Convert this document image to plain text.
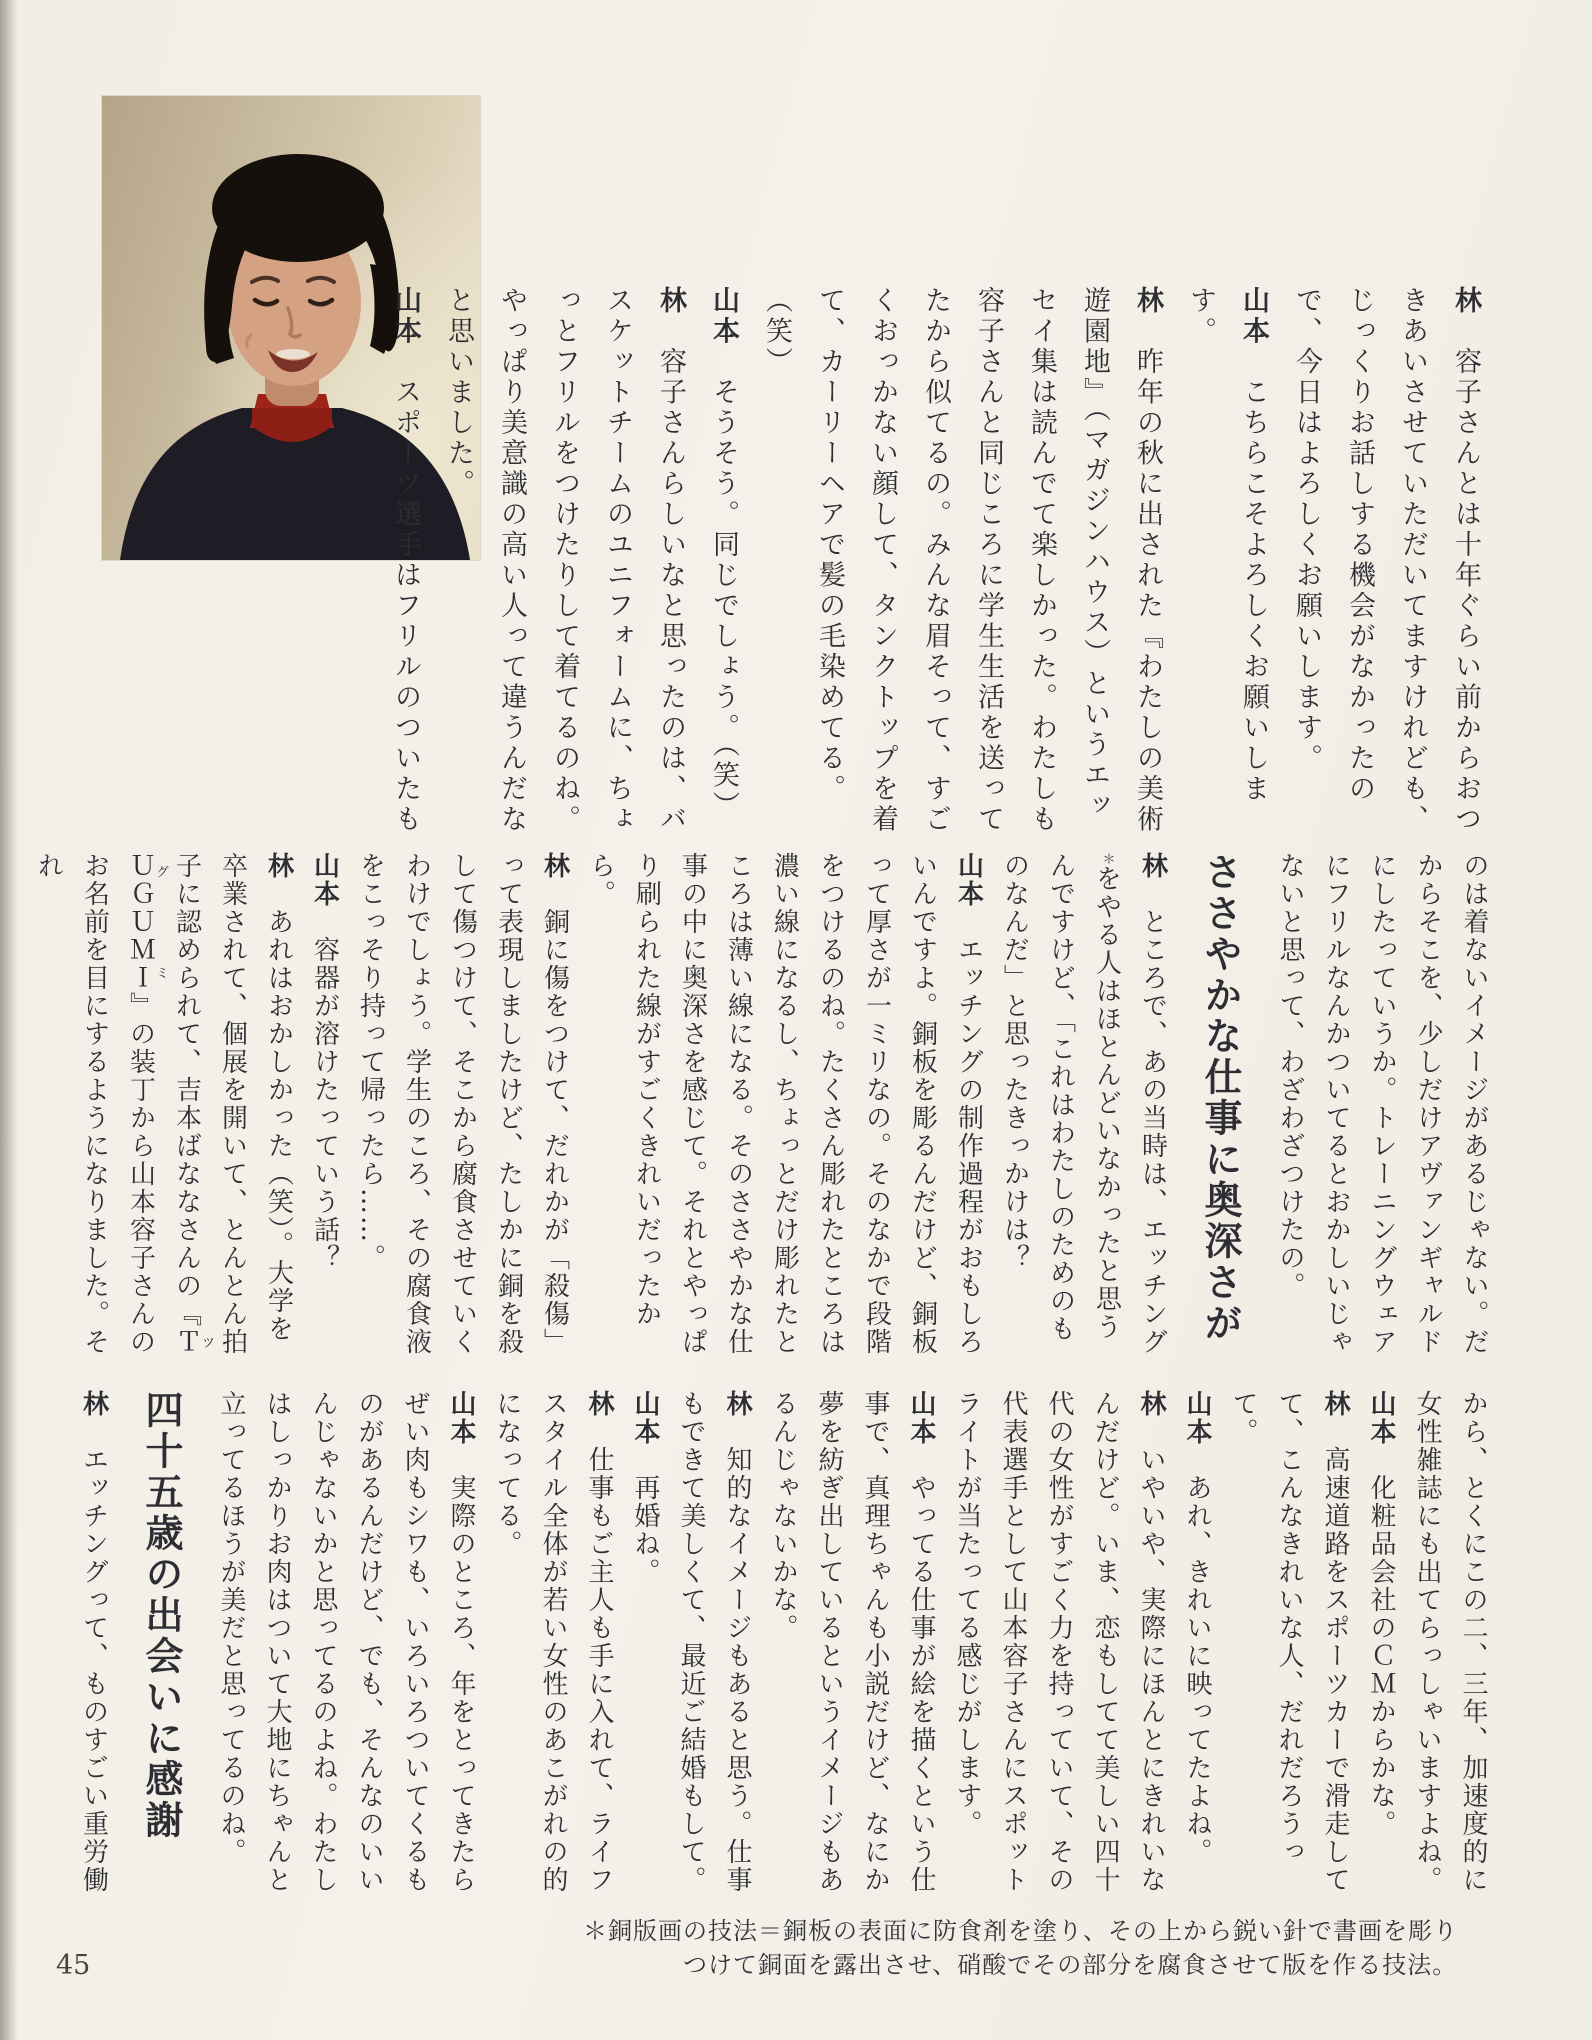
林　容子さんとは十年ぐらい前からおつきあいさせていただいてますけれども、じっくりお話しする機会がなかったので、今日はよろしくお願いします。

山本　こちらこそよろしくお願いします。

林　昨年の秋に出された『わたしの美術遊園地』（マガジンハウス）というエッセイ集は読んでて楽しかった。わたしも容子さんと同じころに学生生活を送ってたから似てるの。みんな眉そって、すごくおっかない顔して、タンクトップを着て、カーリーヘアで髪の毛染めてる。（笑）

山本　そうそう。同じでしょう。（笑）

林　容子さんらしいなと思ったのは、バスケットチームのユニフォームに、ちょっとフリルをつけたりして着てるのね。やっぱり美意識の高い人って違うんだなと思いました。

山本　スポーツ選手はフリルのついたも

のは着ないイメージがあるじゃない。だからそこを、少しだけアヴァンギャルドにしたっていうか。トレーニングウェアにフリルなんかついてるとおかしいじゃないと思って、わざわざつけたの。

ささやかな仕事に奥深さが

林　ところで、あの当時は、エッチング＊をやる人はほとんどいなかったと思うんですけど、「これはわたしのためのものなんだ」と思ったきっかけは？

山本　エッチングの制作過程がおもしろいんですよ。銅板を彫るんだけど、銅板って厚さが一ミリなの。そのなかで段階をつけるのね。たくさん彫れたところは濃い線になるし、ちょっとだけ彫れたところは薄い線になる。そのささやかな仕事の中に奥深さを感じて。それとやっぱり刷られた線がすごくきれいだったから。

林　銅に傷をつけて、だれかが「殺傷」って表現しましたけど、たしかに銅を殺して傷つけて、そこから腐食させていくわけでしょう。学生のころ、その腐食液をこっそり持って帰ったら……。

山本　容器が溶けたっていう話？

林　あれはおかしかった（笑）。大学を卒業されて、個展を開いて、とんとん拍子に認められて、吉本ばななさんの『ＴＵＧＵＭＩツグミ』の装丁から山本容子さんのお名前を目にするようになりました。それ

から、とくにこの二、三年、加速度的に女性雑誌にも出てらっしゃいますよね。

山本　化粧品会社のＣＭからかな。

林　高速道路をスポーツカーで滑走してて、こんなきれいな人、だれだろうって。

山本　あれ、きれいに映ってたよね。

林　いやいや、実際にほんとにきれいなんだけど。いま、恋もしてて美しい四十代の女性がすごく力を持っていて、その代表選手として山本容子さんにスポットライトが当たってる感じがします。

山本　やってる仕事が絵を描くという仕事で、真理ちゃんも小説だけど、なにか夢を紡ぎ出しているというイメージもあるんじゃないかな。

林　知的なイメージもあると思う。仕事もできて美しくて、最近ご結婚もして。

山本　再婚ね。

林　仕事もご主人も手に入れて、ライフスタイル全体が若い女性のあこがれの的になってる。

山本　実際のところ、年をとってきたらぜい肉もシワも、いろいろついてくるものがあるんだけど、でも、そんなのいいんじゃないかと思ってるのよね。わたしはしっかりお肉はついて大地にちゃんと立ってるほうが美だと思ってるのね。

四十五歳の出会いに感謝

林　エッチングって、ものすごい重労働

＊銅版画の技法＝銅板の表面に防食剤を塗り、その上から鋭い針で書画を彫り

つけて銅面を露出させ、硝酸でその部分を腐食させて版を作る技法。

45
